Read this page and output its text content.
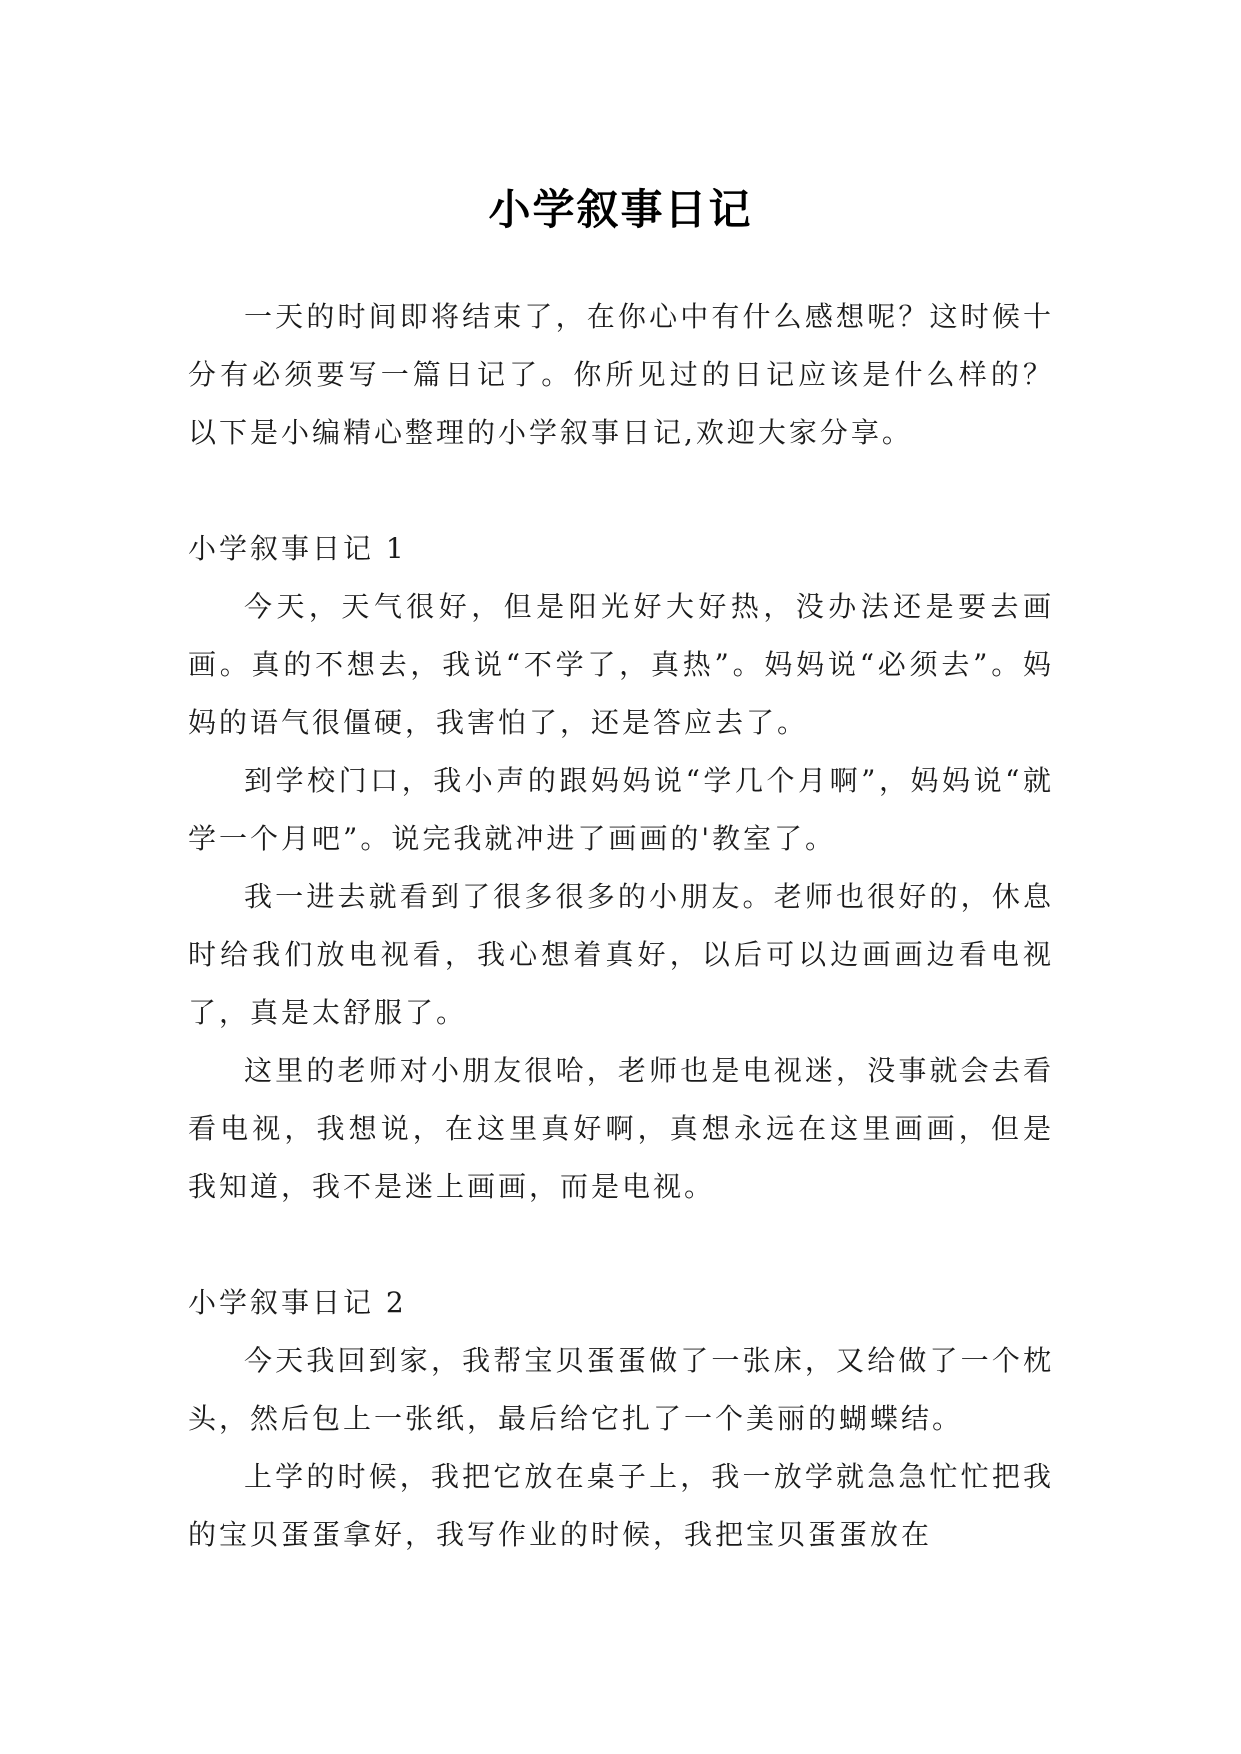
小学叙事日记

一天的时间即将结束了，在你心中有什么感想呢？这时候十分有必须要写一篇日记了。你所见过的日记应该是什么样的？以下是小编精心整理的小学叙事日记,欢迎大家分享。

小学叙事日记 1

今天，天气很好，但是阳光好大好热，没办法还是要去画画。真的不想去，我说“不学了，真热”。妈妈说“必须去”。妈妈的语气很僵硬，我害怕了，还是答应去了。

到学校门口，我小声的跟妈妈说“学几个月啊”，妈妈说“就学一个月吧”。说完我就冲进了画画的'教室了。

我一进去就看到了很多很多的小朋友。老师也很好的，休息时给我们放电视看，我心想着真好，以后可以边画画边看电视了，真是太舒服了。

这里的老师对小朋友很哈，老师也是电视迷，没事就会去看看电视，我想说，在这里真好啊，真想永远在这里画画，但是我知道，我不是迷上画画，而是电视。

小学叙事日记 2

今天我回到家，我帮宝贝蛋蛋做了一张床，又给做了一个枕头，然后包上一张纸，最后给它扎了一个美丽的蝴蝶结。

上学的时候，我把它放在桌子上，我一放学就急急忙忙把我的宝贝蛋蛋拿好，我写作业的时候，我把宝贝蛋蛋放在
